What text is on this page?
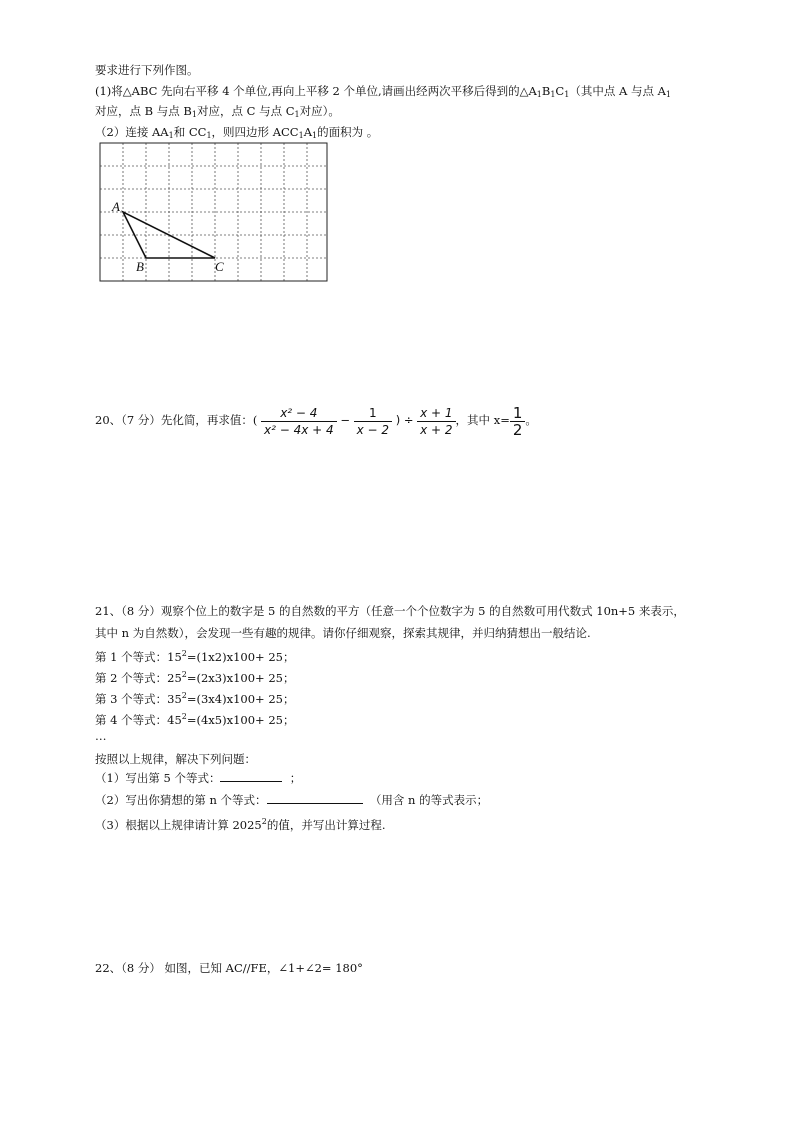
要求进行下列作图。
(1)将△ABC 先向右平移 4 个单位,再向上平移 2 个单位,请画出经两次平移后得到的$\triangle A_1B_1C_1$（其中点 A 与点 $A_1$
对应，点 B 与点 $B_1$对应，点 C 与点 $C_1$对应）。
（2）连接 $AA_1$和 $CC_1$，则四边形 $ACC_1A_1$的面积为 。
A
B	C
20、（7 分）先化简，再求值：( $\frac{\text{x² − 4}}{\text{x² − 4x + 4}} - \frac{1}{x - 2}$ ) ÷ $\frac{x + 1}{x + 2}$ ，其中 $x= \frac{1}{2}$ 。
21、（8 分）观察个位上的数字是 5 的自然数的平方（任意一个个位数字为 5 的自然数可用代数式 10n+5 来表示，
其中 n 为自然数），会发现一些有趣的规律。请你仔细观察，探索其规律，并归纳猜想出一般结论.
第 1 个等式：$15^2=(1x2)x100+ 25$；
第 2 个等式：$25^2=(2x3)x100+ 25$；
第 3 个等式：$35^2=(3x4)x100+ 25$；
第 4 个等式：$45^2=(4x5)x100+ 25$；
…
按照以上规律，解决下列问题：
（1）写出第 5 个等式：	；
（2）写出你猜想的第 n 个等式：	（用含 n 的等式表示；
（3）根据以上规律请计算 2025$^2$的值，并写出计算过程.
22、（8 分） 如图，已知 AC//FE，∠1+∠2= 180°
